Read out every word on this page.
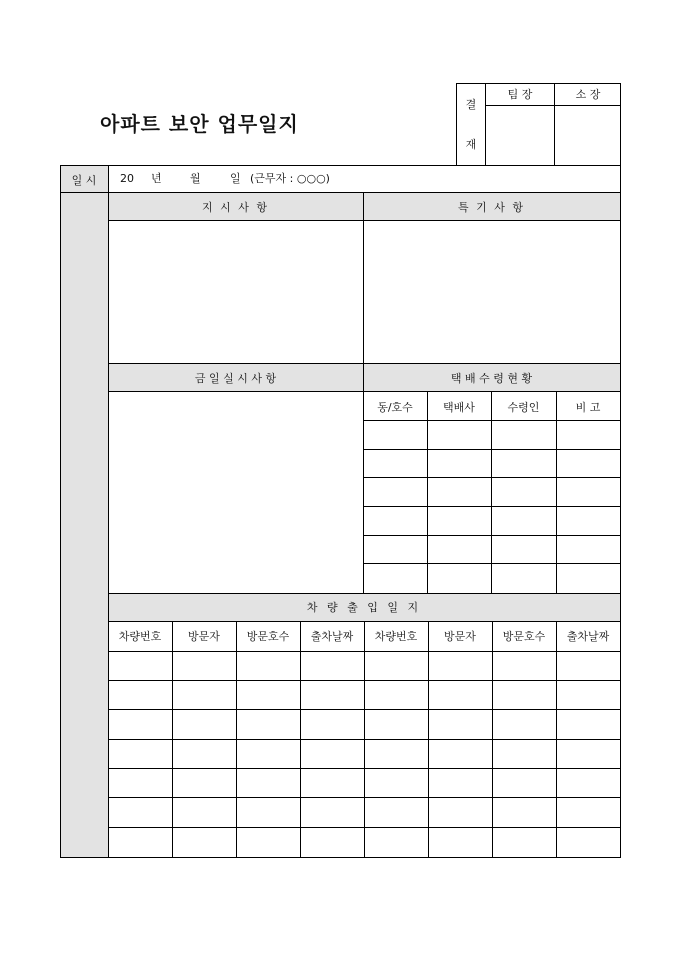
아파트 보안 업무일지
결
재
팀 장	소 장
일 시	20 년	월	일 (근무자 : ○○○)
지 시 사 항	특 기 사 항
금 일 실 시 사 항	택 배 수 령 현 황
동/호수	택배사	수령인	비 고
차 량 출 입 일 지
차량번호	방문자	방문호수	출차날짜	차량번호	방문자	방문호수	출차날짜
